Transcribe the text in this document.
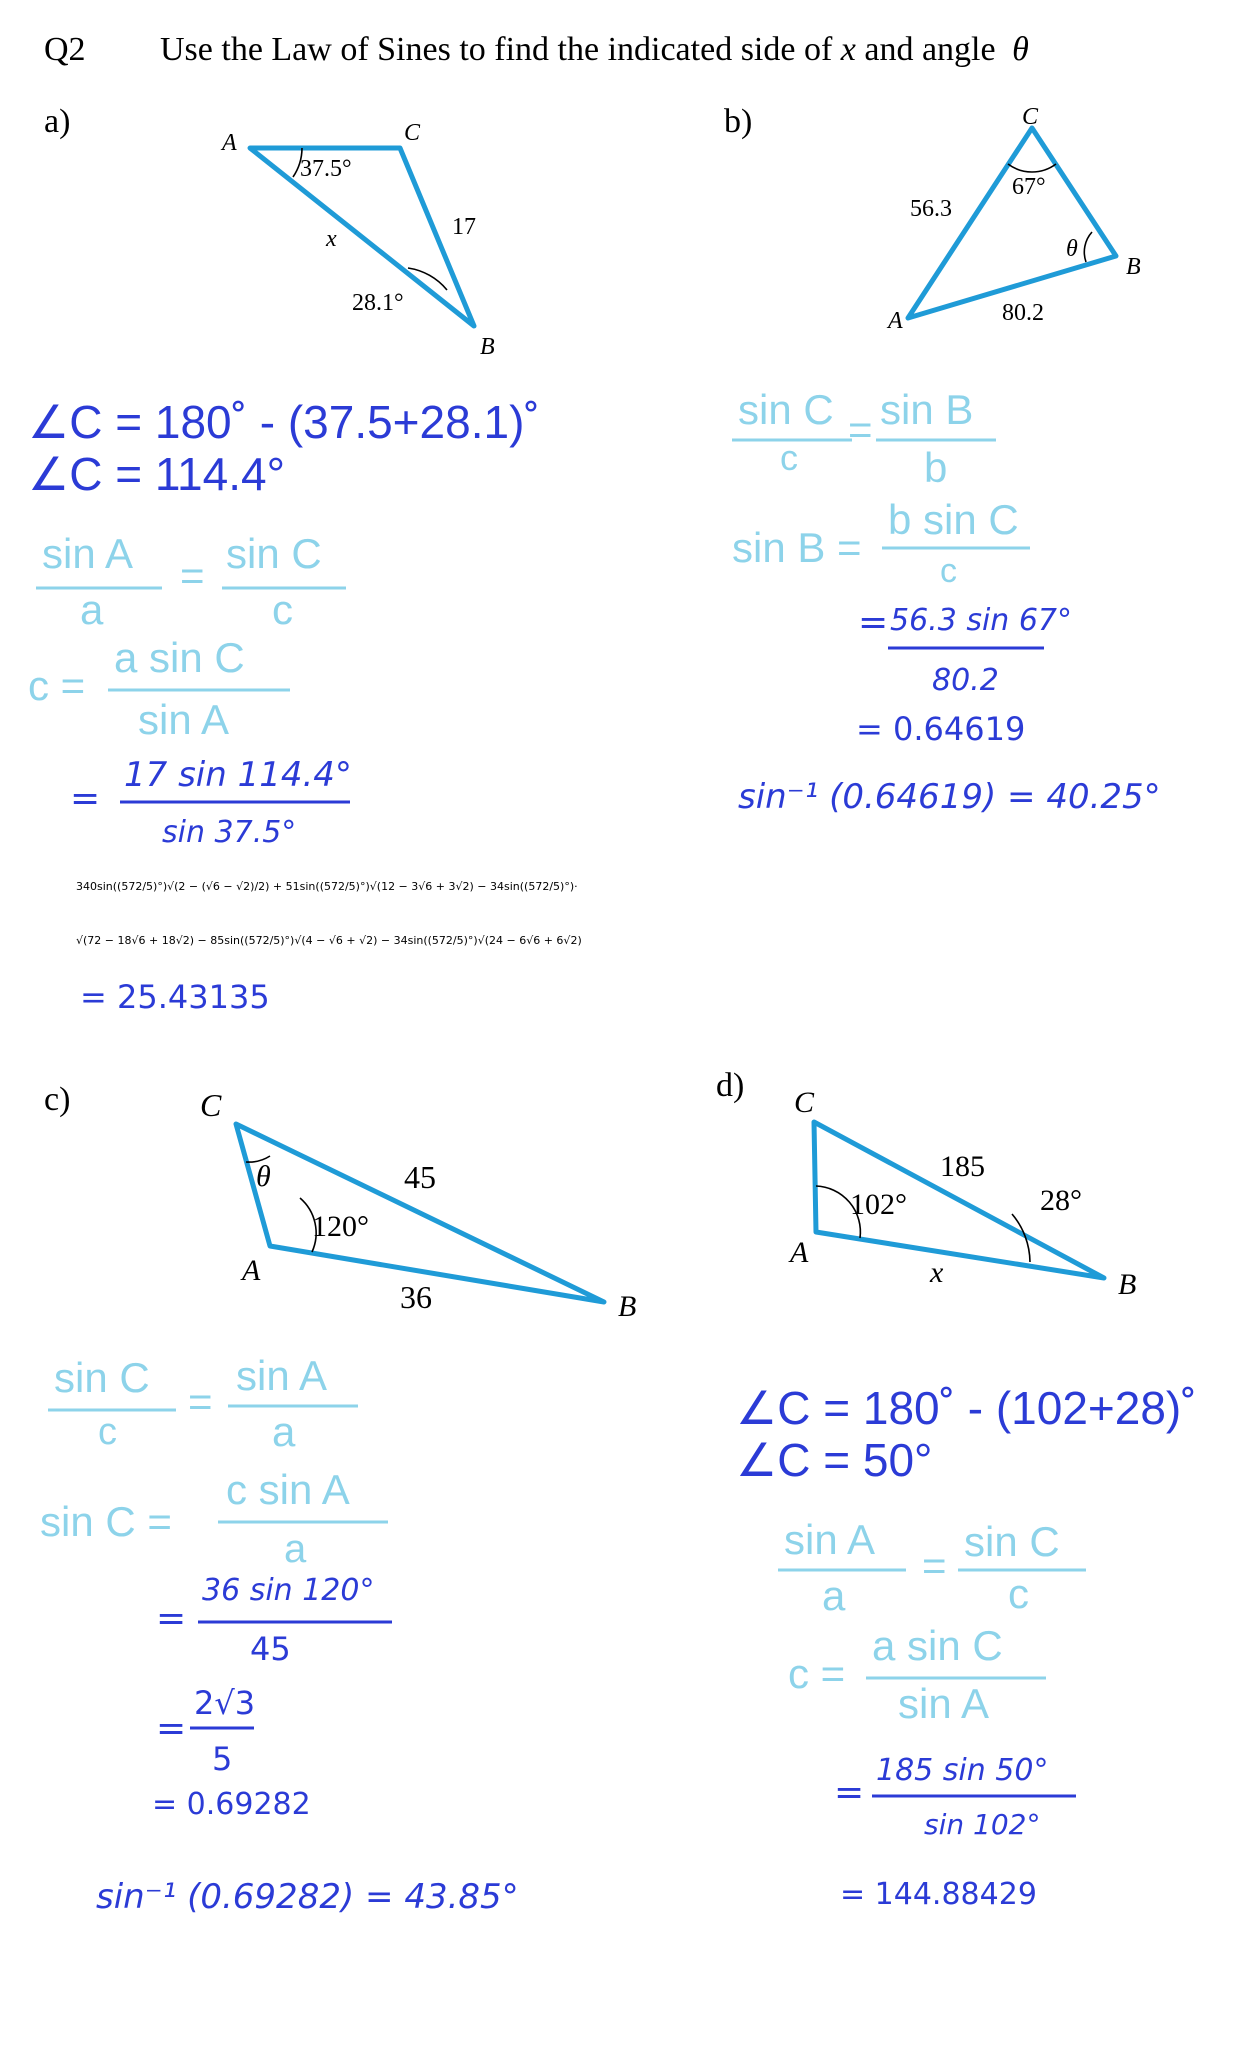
Q2 Use the Law of Sines to find the indicated side of x and angle θ
a)
A	C
B
37.5°
28.1°
17
x
∠C = 180˚ - (37.5+28.1)˚
∠C = 114.4°
sin A
a
= sin C
c
c =
a sin C
sin A
=
17 sin 114.4°
sin 37.5°
340sin((572/5)°)√(2 − (√6 − √2)/2) + 51sin((572/5)°)√(12 − 3√6 + 3√2) − 34sin((572/5)°)·
√(72 − 18√6 + 18√2) − 85sin((572/5)°)√(4 − √6 + √2) − 34sin((572/5)°)√(24 − 6√6 + 6√2)
= 25.43135
b)	C
A
B
67°
θ
56.3
80.2
sin C
c
= sin B
b
sin B =
b sin C
c
= 56.3 sin 67°
80.2
= 0.64619
sin⁻¹ (0.64619) = 40.25°
c)	C
A
B
θ
120°
45
36
sin C
c
=
sin A
a
sin C =
c sin A
a
=
36 sin 120°
45
=
2√3
5
= 0.69282
sin⁻¹ (0.69282) = 43.85°
d) C
A
B
102°	28°
185
x
∠C = 180˚ - (102+28)˚
∠C = 50°
sin A
a
=
sin C
c
c =
a sin C
sin A
=
185 sin 50°
sin 102°
= 144.88429
